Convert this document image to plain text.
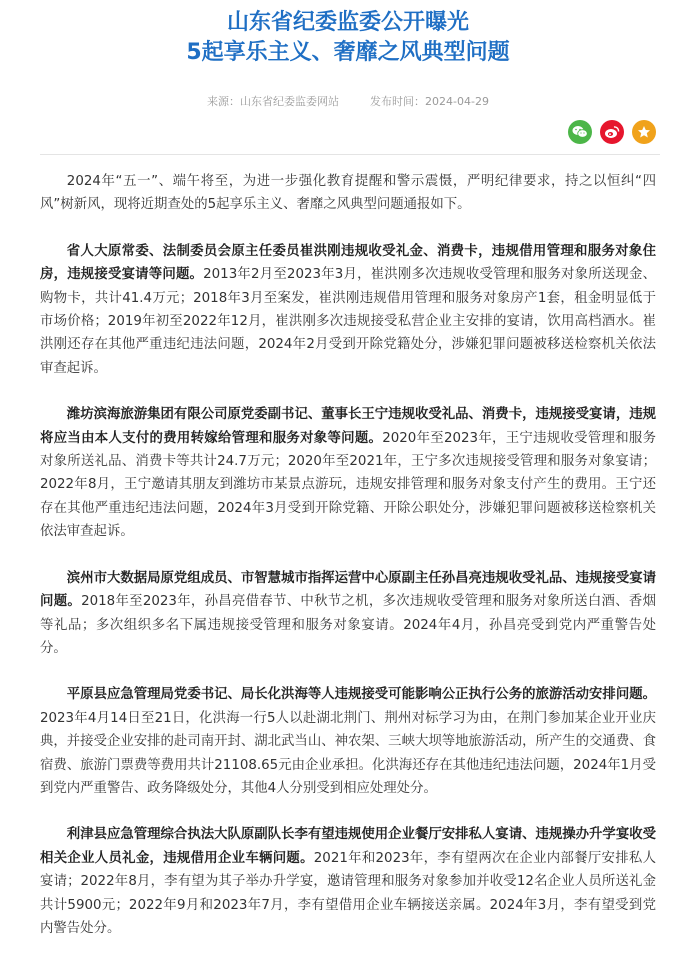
山东省纪委监委公开曝光
5起享乐主义、奢靡之风典型问题
来源：山东省纪委监委网站	发布时间：2024-04-29

2024年“五一”、端午将至，为进一步强化教育提醒和警示震慑，严明纪律要求，持之以恒纠“四风”树新风，现将近期查处的5起享乐主义、奢靡之风典型问题通报如下。

省人大原常委、法制委员会原主任委员崔洪刚违规收受礼金、消费卡，违规借用管理和服务对象住房，违规接受宴请等问题。2013年2月至2023年3月，崔洪刚多次违规收受管理和服务对象所送现金、购物卡，共计41.4万元；2018年3月至案发，崔洪刚违规借用管理和服务对象房产1套，租金明显低于市场价格；2019年初至2022年12月，崔洪刚多次违规接受私营企业主安排的宴请，饮用高档酒水。崔洪刚还存在其他严重违纪违法问题，2024年2月受到开除党籍处分，涉嫌犯罪问题被移送检察机关依法审查起诉。

潍坊滨海旅游集团有限公司原党委副书记、董事长王宁违规收受礼品、消费卡，违规接受宴请，违规将应当由本人支付的费用转嫁给管理和服务对象等问题。2020年至2023年，王宁违规收受管理和服务对象所送礼品、消费卡等共计24.7万元；2020年至2021年，王宁多次违规接受管理和服务对象宴请；2022年8月，王宁邀请其朋友到潍坊市某景点游玩，违规安排管理和服务对象支付产生的费用。王宁还存在其他严重违纪违法问题，2024年3月受到开除党籍、开除公职处分，涉嫌犯罪问题被移送检察机关依法审查起诉。

滨州市大数据局原党组成员、市智慧城市指挥运营中心原副主任孙昌亮违规收受礼品、违规接受宴请问题。2018年至2023年，孙昌亮借春节、中秋节之机，多次违规收受管理和服务对象所送白酒、香烟等礼品；多次组织多名下属违规接受管理和服务对象宴请。2024年4月，孙昌亮受到党内严重警告处分。

平原县应急管理局党委书记、局长化洪海等人违规接受可能影响公正执行公务的旅游活动安排问题。2023年4月14日至21日，化洪海一行5人以赴湖北荆门、荆州对标学习为由，在荆门参加某企业开业庆典，并接受企业安排的赴司南开封、湖北武当山、神农架、三峡大坝等地旅游活动，所产生的交通费、食宿费、旅游门票费等费用共计21108.65元由企业承担。化洪海还存在其他违纪违法问题，2024年1月受到党内严重警告、政务降级处分，其他4人分别受到相应处理处分。

利津县应急管理综合执法大队原副队长李有望违规使用企业餐厅安排私人宴请、违规操办升学宴收受相关企业人员礼金，违规借用企业车辆问题。2021年和2023年，李有望两次在企业内部餐厅安排私人宴请；2022年8月，李有望为其子举办升学宴，邀请管理和服务对象参加并收受12名企业人员所送礼金共计5900元；2022年9月和2023年7月，李有望借用企业车辆接送亲属。2024年3月，李有望受到党内警告处分。
